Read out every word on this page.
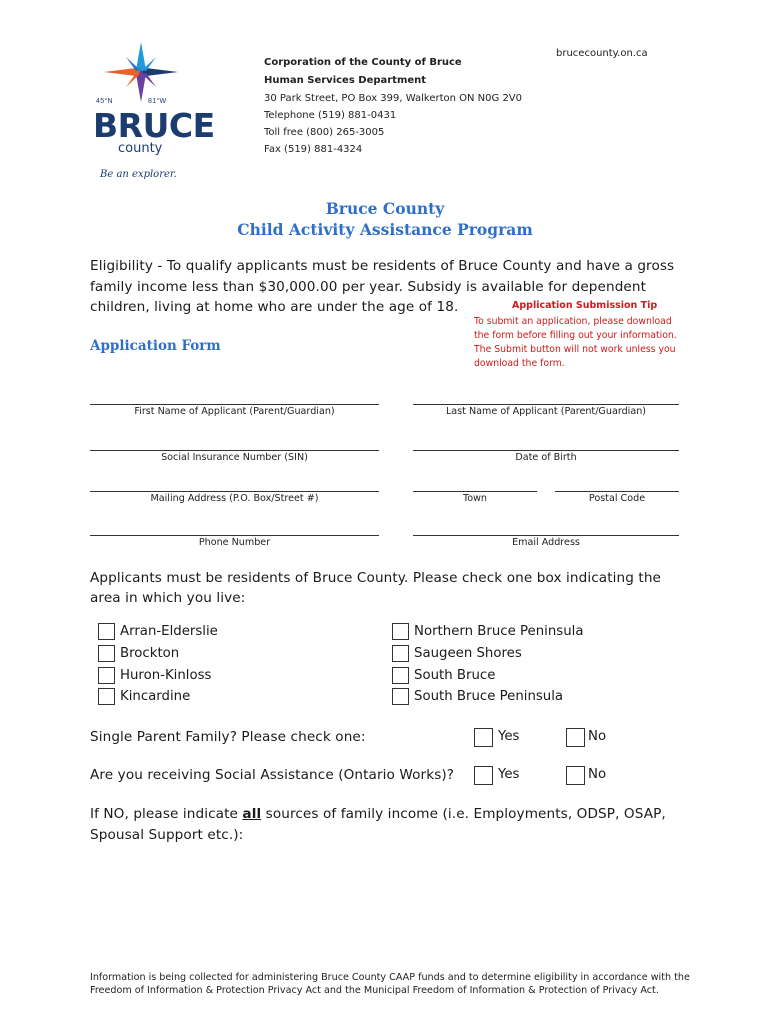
45°N	81°W
BRUCE
county
Be an explorer.
brucecounty.on.ca
Corporation of the County of Bruce
Human Services Department
30 Park Street, PO Box 399, Walkerton ON N0G 2V0
Telephone (519) 881-0431
Toll free (800) 265-3005
Fax (519) 881-4324
Bruce County
Child Activity Assistance Program
Eligibility - To qualify applicants must be residents of Bruce County and have a gross
family income less than $30,000.00 per year. Subsidy is available for dependent
children, living at home who are under the age of 18.	Application Submission Tip
To submit an application, please download
the form before filling out your information.
The Submit button will not work unless you
download the form.
Application Form
First Name of Applicant (Parent/Guardian)	Last Name of Applicant (Parent/Guardian)
Social Insurance Number (SIN)	Date of Birth
Mailing Address (P.O. Box/Street #)	Town	Postal Code
Phone Number	Email Address
Applicants must be residents of Bruce County. Please check one box indicating the
area in which you live:
Arran-Elderslie
Brockton
Huron-Kinloss
Kincardine
Northern Bruce Peninsula
Saugeen Shores
South Bruce
South Bruce Peninsula
Single Parent Family? Please check one:	Yes	No
Are you receiving Social Assistance (Ontario Works)?	Yes	No
If NO, please indicate all sources of family income (i.e. Employments, ODSP, OSAP,
Spousal Support etc.):
Information is being collected for administering Bruce County CAAP funds and to determine eligibility in accordance with the
Freedom of Information & Protection Privacy Act and the Municipal Freedom of Information & Protection of Privacy Act.
